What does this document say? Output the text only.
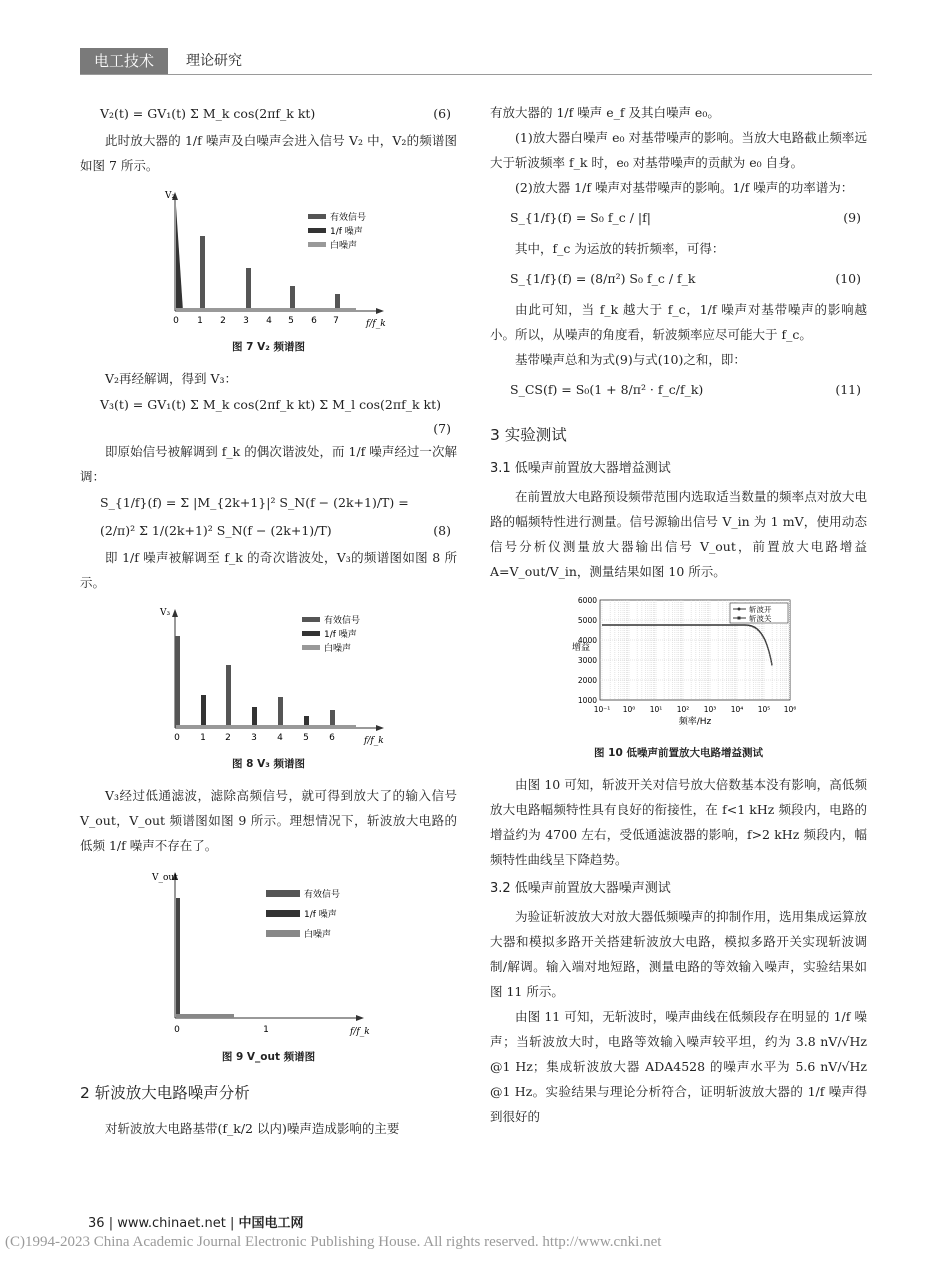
电工技术	理论研究
V₂(t) = GV₁(t) Σ M_k cos(2πf_k kt)	(6)

此时放大器的 1/f 噪声及白噪声会进入信号 V₂ 中，V₂的频谱图如图 7 所示。

V₂
0 1 2 3 4 5 6 7	f/f_k
有效信号
1/f 噪声
白噪声
图 7 V₂ 频谱图

V₂再经解调，得到 V₃：

V₃(t) = GV₁(t) Σ M_k cos(2πf_k kt) Σ M_l cos(2πf_k kt)
(7)

即原始信号被解调到 f_k 的偶次谐波处，而 1/f 噪声经过一次解调：

S_{1/f}(f) = Σ |M_{2k+1}|² S_N(f − (2k+1)/T) =
(2/π)² Σ 1/(2k+1)² S_N(f − (2k+1)/T)	(8)

即 1/f 噪声被解调至 f_k 的奇次谐波处，V₃的频谱图如图 8 所示。

V₃
0 1 2 3 4 5 6	f/f_k
有效信号
1/f 噪声
白噪声
图 8 V₃ 频谱图

V₃经过低通滤波，滤除高频信号，就可得到放大了的输入信号 V_out，V_out 频谱图如图 9 所示。理想情况下，斩波放大电路的低频 1/f 噪声不存在了。

V_out
0	1	f/f_k
有效信号
1/f 噪声
白噪声
图 9 V_out 频谱图
2 斩波放大电路噪声分析

对斩波放大电路基带(f_k/2 以内)噪声造成影响的主要

有放大器的 1/f 噪声 e_f 及其白噪声 e₀。

(1)放大器白噪声 e₀ 对基带噪声的影响。当放大电路截止频率远大于斩波频率 f_k 时，e₀ 对基带噪声的贡献为 e₀ 自身。

(2)放大器 1/f 噪声对基带噪声的影响。1/f 噪声的功率谱为：

S_{1/f}(f) = S₀ f_c / |f|	(9)

其中，f_c 为运放的转折频率，可得：

S_{1/f}(f) = (8/π²) S₀ f_c / f_k	(10)

由此可知，当 f_k 越大于 f_c，1/f 噪声对基带噪声的影响越小。所以，从噪声的角度看，斩波频率应尽可能大于 f_c。

基带噪声总和为式(9)与式(10)之和，即：

S_CS(f) = S₀(1 + 8/π² · f_c/f_k)	(11)
3 实验测试
3.1 低噪声前置放大器增益测试

在前置放大电路预设频带范围内选取适当数量的频率点对放大电路的幅频特性进行测量。信号源输出信号 V_in 为 1 mV，使用动态信号分析仪测量放大器输出信号 V_out，前置放大电路增益 A=V_out/V_in，测量结果如图 10 所示。

6000
5000
4000
3000
2000
1000
10⁻¹ 10⁰ 10¹ 10² 10³ 10⁴ 10⁵ 10⁶
增益
频率/Hz
斩波开
斩波关
图 10 低噪声前置放大电路增益测试

由图 10 可知，斩波开关对信号放大倍数基本没有影响，高低频放大电路幅频特性具有良好的衔接性，在 f<1 kHz 频段内，电路的增益约为 4700 左右，受低通滤波器的影响，f>2 kHz 频段内，幅频特性曲线呈下降趋势。

3.2 低噪声前置放大器噪声测试

为验证斩波放大对放大器低频噪声的抑制作用，选用集成运算放大器和模拟多路开关搭建斩波放大电路，模拟多路开关实现斩波调制/解调。输入端对地短路，测量电路的等效输入噪声，实验结果如图 11 所示。

由图 11 可知，无斩波时，噪声曲线在低频段存在明显的 1/f 噪声；当斩波放大时，电路等效输入噪声较平坦，约为 3.8 nV/√Hz @1 Hz；集成斩波放大器 ADA4528 的噪声水平为 5.6 nV/√Hz @1 Hz。实验结果与理论分析符合，证明斩波放大器的 1/f 噪声得到很好的

36 | www.chinaet.net | 中国电工网
(C)1994-2023 China Academic Journal Electronic Publishing House. All rights reserved. http://www.cnki.net
